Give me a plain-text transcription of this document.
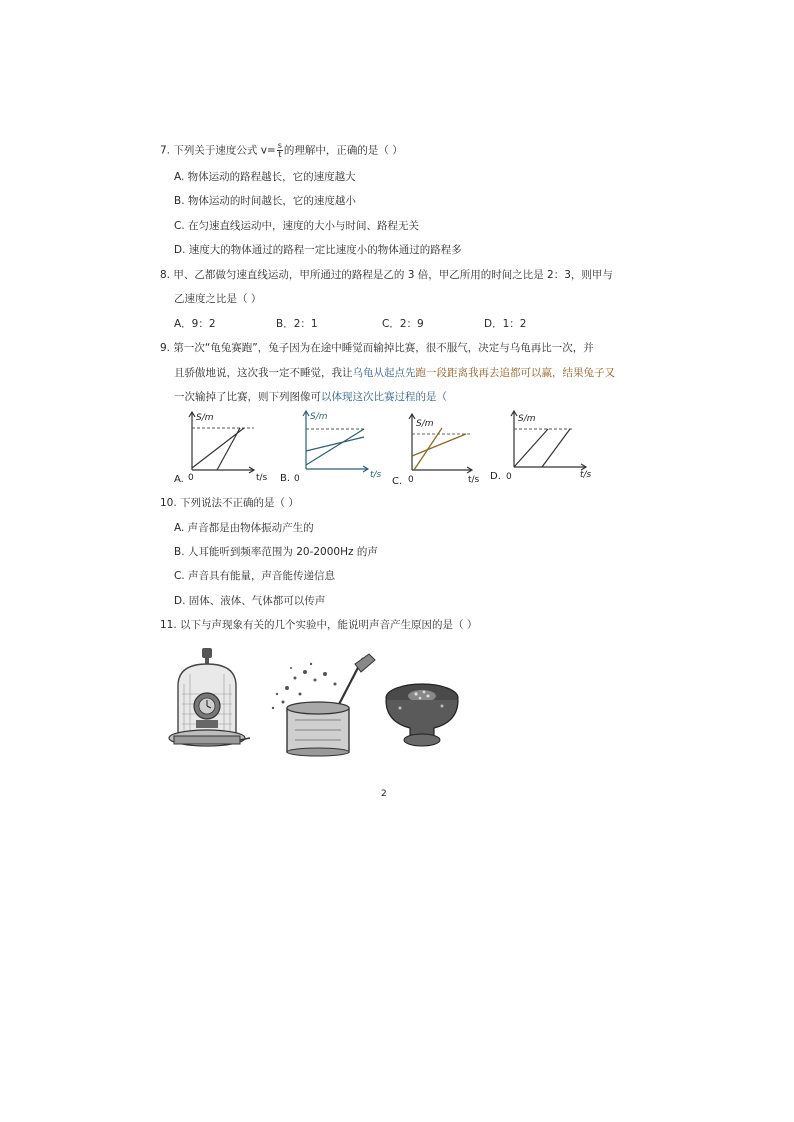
7. 下列关于速度公式 $v= \frac{s}{t}$ 的理解中，正确的是（ ）
A. 物体运动的路程越长，它的速度越大
B. 物体运动的时间越长，它的速度越小
C. 在匀速直线运动中，速度的大小与时间、路程无关
D. 速度大的物体通过的路程一定比速度小的物体通过的路程多
8. 甲、乙都做匀速直线运动，甲所通过的路程是乙的 3 倍，甲乙所用的时间之比是 2：3，则甲与
乙速度之比是（ ）
A．9：2	B．2：1	C．2：9	D．1：2
9. 第一次“龟兔赛跑”，兔子因为在途中睡觉而输掉比赛，很不服气，决定与乌龟再比一次，并
且骄傲地说，这次我一定不睡觉，我让乌龟从起点先跑一段距离我再去追都可以赢，结果兔子又
一次输掉了比赛，则下列图像可以体现这次比赛过程的是（
A.
S/m
0	t/s B.
S/m
0	t/s
C.
S/m
0	t/s D.
S/m
0	t/s
10. 下列说法不正确的是（ ）
A. 声音都是由物体振动产生的
B. 人耳能听到频率范围为 20-2000Hz 的声
C. 声音具有能量，声音能传递信息
D. 固体、液体、气体都可以传声
11. 以下与声现象有关的几个实验中，能说明声音产生原因的是（ ）
2
